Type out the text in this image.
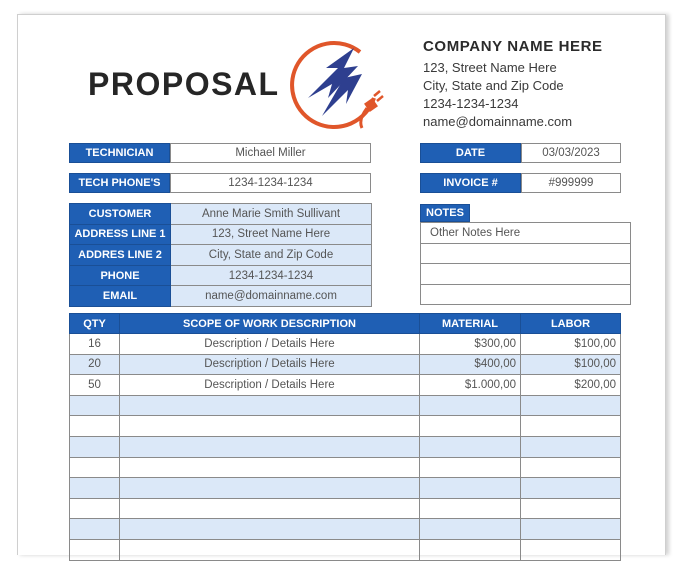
PROPOSAL
COMPANY NAME HERE
123, Street Name Here
City, State and Zip Code
1234-1234-1234
name@domainname.com
TECHNICIAN	Michael Miller
TECH PHONE'S	1234-1234-1234
DATE	03/03/2023
INVOICE #	#999999
CUSTOMER	Anne Marie Smith Sullivant
ADDRESS LINE 1	123, Street Name Here
ADDRES LINE 2	City, State and Zip Code
PHONE	1234-1234-1234
EMAIL	name@domainname.com
NOTES
Other Notes Here

QTY	SCOPE OF WORK DESCRIPTION	MATERIAL	LABOR
16	Description / Details Here	$300,00	$100,00
20	Description / Details Here	$400,00	$100,00
50	Description / Details Here	$1.000,00	$200,00
